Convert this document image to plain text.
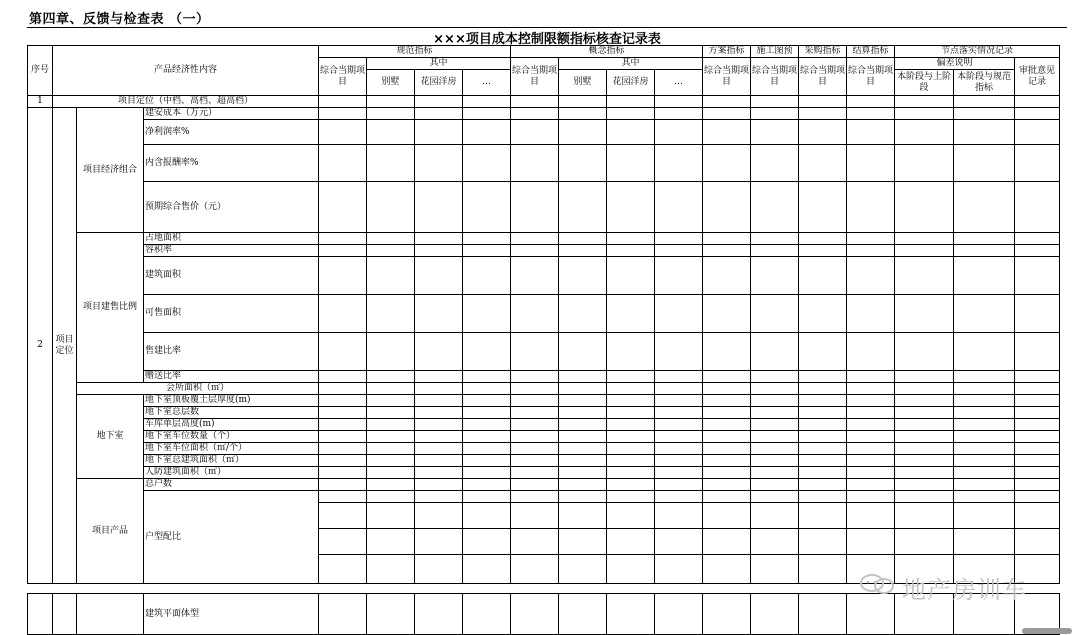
第四章、反馈与检查表 （一）
×××项目成本控制限额指标核查记录表
序号	产品经济性内容			规范指标				概念指标				方案指标	施工图预	采购指标	结算指标	节点落实情况记录		
				综合当期项目	其中			综合当期项目	其中			综合当期项目	综合当期项目	综合当期项目	综合当期项目	偏差说明		审批意见记录
					别墅	花园洋房	…		别墅	花园洋房	…					本阶段与上阶段	本阶段与规范指标	
1	项目定位（中档、高档、超高档）																	
2	项目定位	项目经济组合	建安成本（万元）															
			净利润率%															
			内含报酬率%															
			预期综合售价（元）															
		项目建售比例	占地面积															
			容积率															
			建筑面积															
			可售面积															
			售建比率															
			赠送比率															
		会所面积（㎡）																
		地下室	地下室顶板覆土层厚度(m)															
			地下室总层数															
			车库单层高度(m)															
			地下室车位数量（个）															
			地下室车位面积（㎡/个）															
			地下室总建筑面积（㎡）															
			人防建筑面积（㎡）															
		项目产品	总户数															
			户型配比															

			建筑平面体型															
地产房训车
